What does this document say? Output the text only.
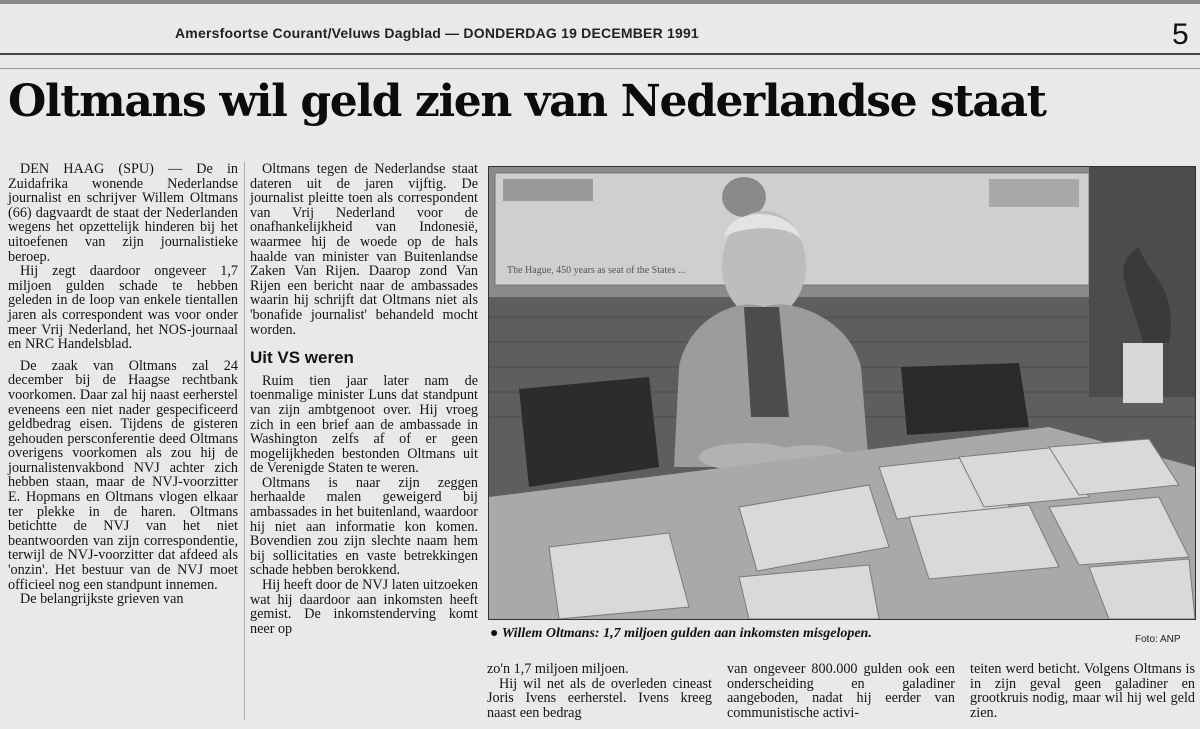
Amersfoortse Courant/Veluws Dagblad — DONDERDAG 19 DECEMBER 1991	5
Oltmans wil geld zien van Nederlandse staat

DEN HAAG (SPU) — De in Zuidafrika wonende Nederlandse journalist en schrijver Willem Oltmans (66) dagvaardt de staat der Nederlanden wegens het opzettelijk hinderen bij het uitoefenen van zijn journalistieke beroep.

Hij zegt daardoor ongeveer 1,7 miljoen gulden schade te hebben geleden in de loop van enkele tientallen jaren als correspondent was voor onder meer Vrij Nederland, het NOS-journaal en NRC Handelsblad.

De zaak van Oltmans zal 24 december bij de Haagse rechtbank voorkomen. Daar zal hij naast eerherstel eveneens een niet nader gespecificeerd geldbedrag eisen. Tijdens de gisteren gehouden persconferentie deed Oltmans overigens voorkomen als zou hij de journalistenvakbond NVJ achter zich hebben staan, maar de NVJ-voorzitter E. Hopmans en Oltmans vlogen elkaar ter plekke in de haren. Oltmans betichtte de NVJ van het niet beantwoorden van zijn correspondentie, terwijl de NVJ-voorzitter dat afdeed als 'onzin'. Het bestuur van de NVJ moet officieel nog een standpunt innemen.

De belangrijkste grieven van

Oltmans tegen de Nederlandse staat dateren uit de jaren vijftig. De journalist pleitte toen als correspondent van Vrij Nederland voor de onafhankelijkheid van Indonesië, waarmee hij de woede op de hals haalde van minister van Buitenlandse Zaken Van Rijen. Daarop zond Van Rijen een bericht naar de ambassades waarin hij schrijft dat Oltmans niet als 'bonafide journalist' behandeld mocht worden.

Uit VS weren

Ruim tien jaar later nam de toenmalige minister Luns dat standpunt van zijn ambtgenoot over. Hij vroeg zich in een brief aan de ambassade in Washington zelfs af of er geen mogelijkheden bestonden Oltmans uit de Verenigde Staten te weren.

Oltmans is naar zijn zeggen herhaalde malen geweigerd bij ambassades in het buitenland, waardoor hij niet aan informatie kon komen. Bovendien zou zijn slechte naam hem bij sollicitaties en vaste betrekkingen schade hebben berokkend.

Hij heeft door de NVJ laten uitzoeken wat hij daardoor aan inkomsten heeft gemist. De inkomstenderving komt neer op

The Hague, 450 years as seat of the States ...
● Willem Oltmans: 1,7 miljoen gulden aan inkomsten misgelopen.	Foto: ANP

zo'n 1,7 miljoen miljoen.

Hij wil net als de overleden cineast Joris Ivens eerherstel. Ivens kreeg naast een bedrag

van ongeveer 800.000 gulden ook een onderscheiding en galadiner aangeboden, nadat hij eerder van communistische activi-

teiten werd beticht. Volgens Oltmans is in zijn geval geen galadiner en grootkruis nodig, maar wil hij wel geld zien.
